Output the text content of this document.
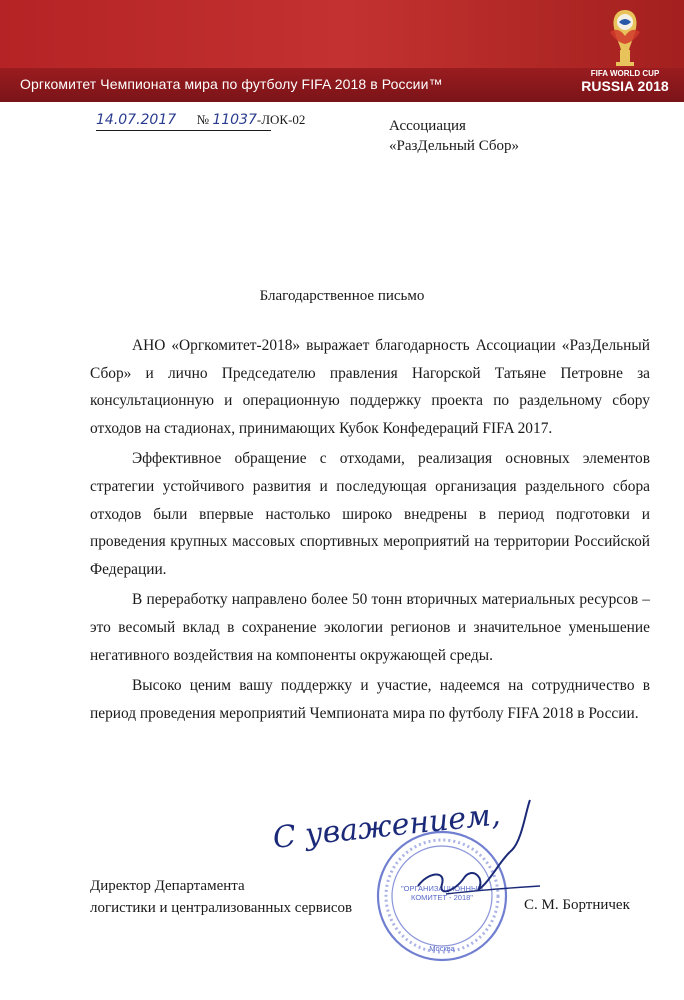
Оргкомитет Чемпионата мира по футболу FIFA 2018 в России™
FIFA WORLD CUP
RUSSIA 2018
14.07.2017 № 11037-ЛОК-02	Ассоциация
«РазДельный Сбор»
Благодарственное письмо

АНО «Оргкомитет-2018» выражает благодарность Ассоциации «РазДельный Сбор» и лично Председателю правления Нагорской Татьяне Петровне за консультационную и операционную поддержку проекта по раздельному сбору отходов на стадионах, принимающих Кубок Конфедераций FIFA 2017.

Эффективное обращение с отходами, реализация основных элементов стратегии устойчивого развития и последующая организация раздельного сбора отходов были впервые настолько широко внедрены в период подготовки и проведения крупных массовых спортивных мероприятий на территории Российской Федерации.

В переработку направлено более 50 тонн вторичных материальных ресурсов – это весомый вклад в сохранение экологии регионов и значительное уменьшение негативного воздействия на компоненты окружающей среды.

Высоко ценим вашу поддержку и участие, надеемся на сотрудничество в период проведения мероприятий Чемпионата мира по футболу FIFA 2018 в России.

"ОРГАНИЗАЦИОННЫЙ
КОМИТЕТ - 2018"
Москва
С уважением,
Директор Департамента
логистики и централизованных сервисов	С. М. Бортничек
